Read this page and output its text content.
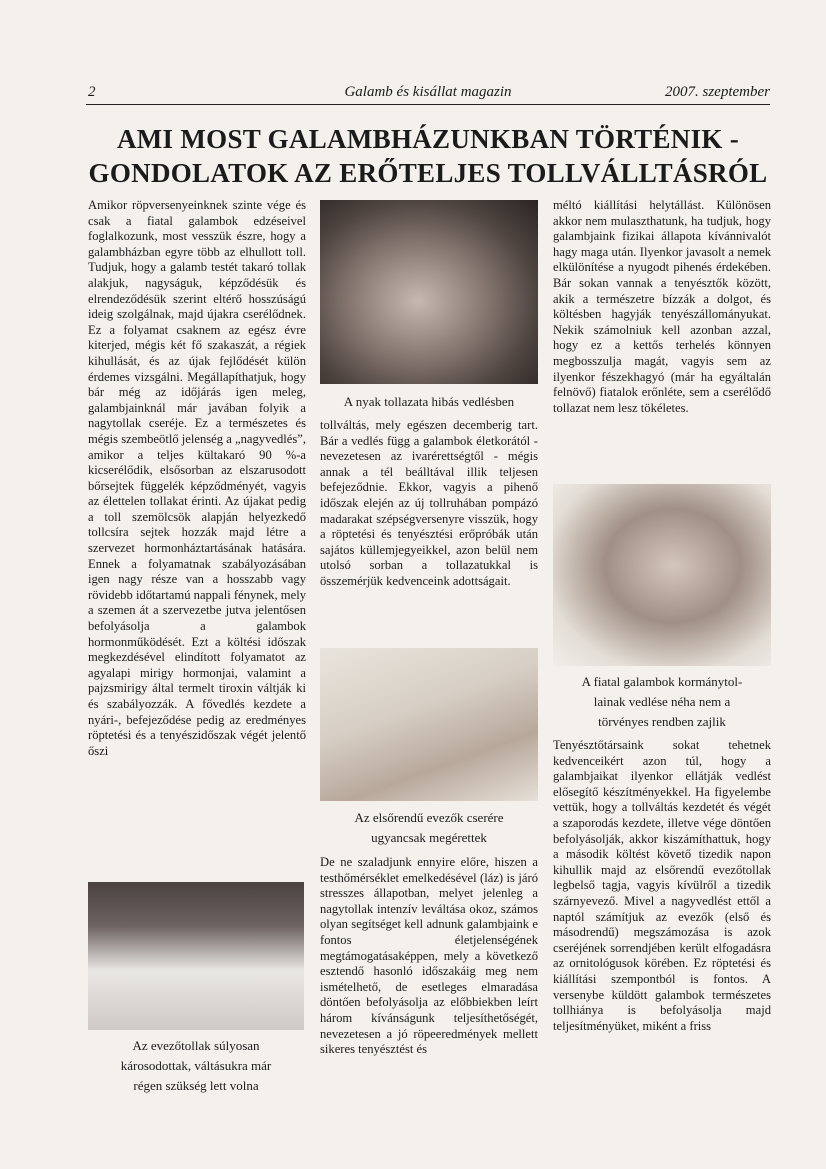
2	Galamb és kisállat magazin	2007. szeptember
AMI MOST GALAMBHÁZUNKBAN TÖRTÉNIK -
GONDOLATOK AZ ERŐTELJES TOLLVÁLLTÁSRÓL

Amikor röpversenyeinknek szinte vége és csak a fiatal galambok edzéseivel foglalkozunk, most vesszük észre, hogy a galambházban egyre több az elhullott toll. Tudjuk, hogy a galamb testét takaró tollak alakjuk, nagyságuk, képződésük és elrendeződésük szerint eltérő hosszúságú ideig szolgálnak, majd újakra cserélődnek. Ez a folyamat csaknem az egész évre kiterjed, mégis két fő szakaszát, a régiek kihullását, és az újak fejlődését külön érdemes vizsgálni. Megállapíthatjuk, hogy bár még az időjárás igen meleg, galambjainknál már javában folyik a nagytollak cseréje. Ez a természetes és mégis szembeötlő jelenség a „nagyvedlés”, amikor a teljes kültakaró 90 %-a kicserélődik, elsősorban az elszarusodott bőrsejtek függelék képződményét, vagyis az élettelen tollakat érinti. Az újakat pedig a toll szemölcsök alapján helyezkedő tollcsíra sejtek hozzák majd létre a szervezet hormonháztartásának hatására. Ennek a folyamatnak szabályozásában igen nagy része van a hosszabb vagy rövidebb időtartamú nappali fénynek, mely a szemen át a szervezetbe jutva jelentősen befolyásolja a galambok hormonműködését. Ezt a költési időszak megkezdésével elindított folyamatot az agyalapi mirigy hormonjai, valamint a pajzsmirigy által termelt tiroxin váltják ki és szabályozzák. A fővedlés kezdete a nyári-, befejeződése pedig az eredményes röptetési és a tenyészidőszak végét jelentő őszi

A nyak tollazata hibás vedlésben

tollváltás, mely egészen decemberig tart. Bár a vedlés függ a galambok életkorától - nevezetesen az ivarérettségtől - mégis annak a tél beálltával illik teljesen befejeződnie. Ekkor, vagyis a pihenő időszak elején az új tollruhában pompázó madarakat szépségversenyre visszük, hogy a röptetési és tenyésztési erőpróbák után sajátos küllemjegyeikkel, azon belül nem utolsó sorban a tollazatukkal is összemérjük kedvenceink adottságait.

Az elsőrendű evezők cserére
ugyancsak megérettek

De ne szaladjunk ennyire előre, hiszen a testhőmérséklet emelkedésével (láz) is járó stresszes állapotban, melyet jelenleg a nagytollak intenzív leváltása okoz, számos olyan segítséget kell adnunk galambjaink e fontos életjelenségének megtámogatásaképpen, mely a következő esztendő hasonló időszakáig meg nem ismételhető, de esetleges elmaradása döntően befolyásolja az előbbiekben leírt három kívánságunk teljesíthetőségét, nevezetesen a jó röpeeredmények mellett sikeres tenyésztést és

méltó kiállítási helytállást. Különösen akkor nem mulaszthatunk, ha tudjuk, hogy galambjaink fizikai állapota kívánnivalót hagy maga után. Ilyenkor javasolt a nemek elkülönítése a nyugodt pihenés érdekében. Bár sokan vannak a tenyésztők között, akik a természetre bízzák a dolgot, és költésben hagyják tenyészállományukat. Nekik számolniuk kell azonban azzal, hogy ez a kettős terhelés könnyen megbosszulja magát, vagyis sem az ilyenkor fészekhagyó (már ha egyáltalán felnövő) fiatalok erőnléte, sem a cserélődő tollazat nem lesz tökéletes.

A fiatal galambok kormánytol-
lainak vedlése néha nem a
törvényes rendben zajlik

Tenyésztőtársaink sokat tehetnek kedvenceikért azon túl, hogy a galambjaikat ilyenkor ellátják vedlést elősegítő készítményekkel. Ha figyelembe vettük, hogy a tollváltás kezdetét és végét a szaporodás kezdete, illetve vége döntően befolyásolják, akkor kiszámíthattuk, hogy a második költést követő tizedik napon kihullik majd az elsőrendű evezőtollak legbelső tagja, vagyis kívülről a tizedik szárnyevező. Mivel a nagyvedlést ettől a naptól számítjuk az evezők (első és másodrendű) megszámozása is azok cseréjének sorrendjében került elfogadásra az ornitológusok körében. Ez röptetési és kiállítási szempontból is fontos. A versenybe küldött galambok természetes tollhiánya is befolyásolja majd teljesítményüket, miként a friss

Az evezőtollak súlyosan
károsodottak, váltásukra már
régen szükség lett volna
